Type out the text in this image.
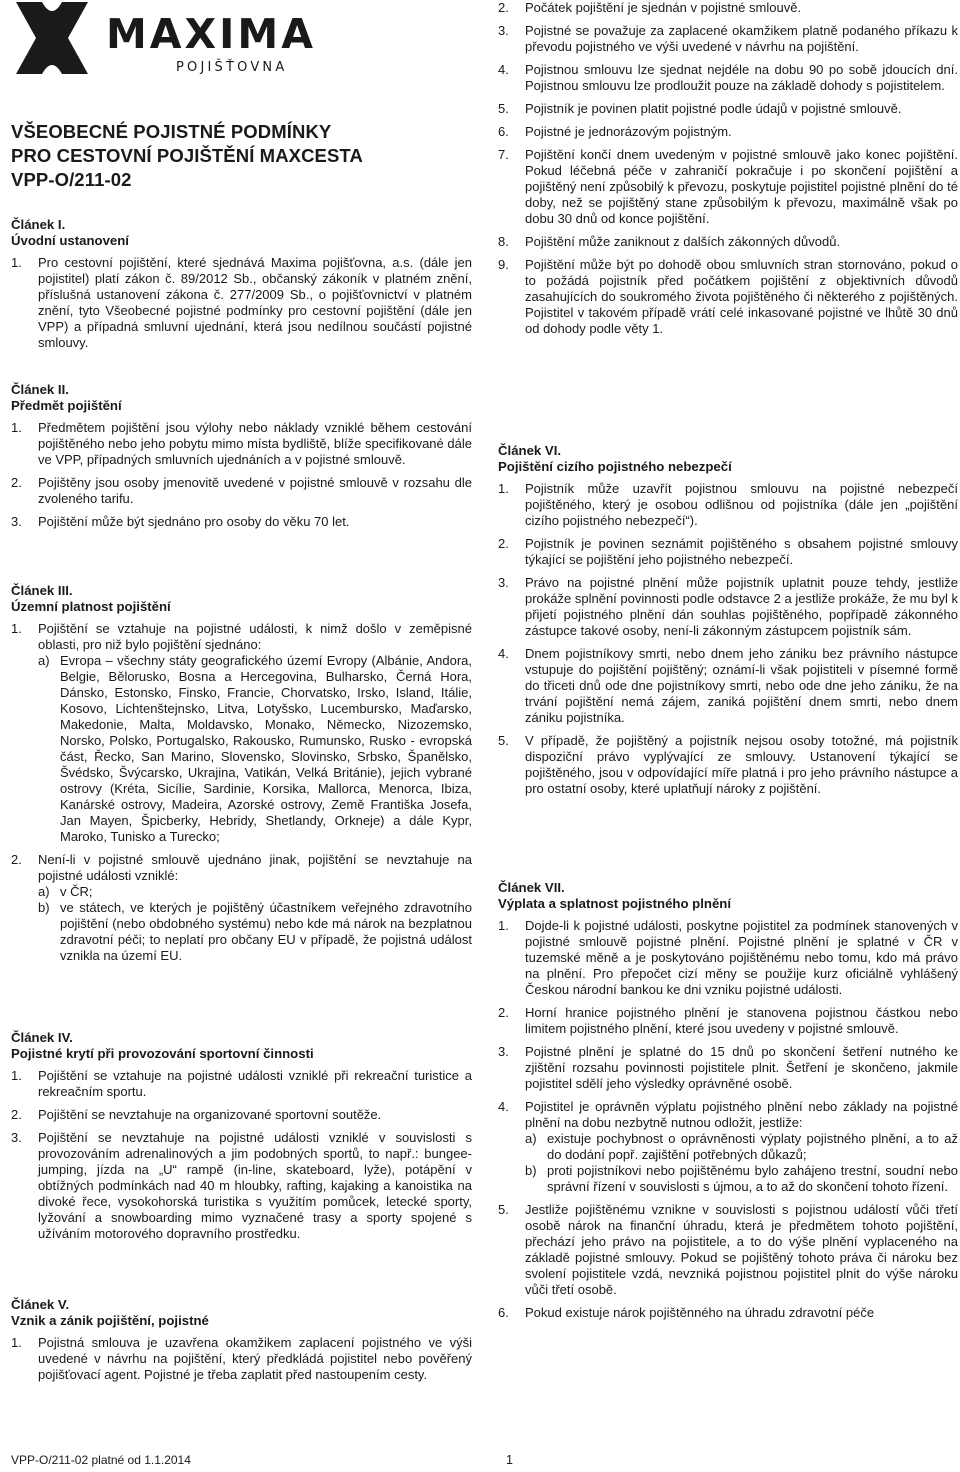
MAXIMA
POJIŠŤOVNA
VŠEOBECNÉ POJISTNÉ PODMÍNKY
PRO CESTOVNÍ POJIŠTĚNÍ MAXCESTA
VPP-O/211-02
Článek I.
Úvodní ustanovení
1. Pro cestovní pojištění, které sjednává Maxima pojišťovna, a.s. (dále jen pojistitel) platí zákon č. 89/2012 Sb., občanský zákoník v platném znění, příslušná ustanovení zákona č. 277/2009 Sb., o pojišťovnictví v platném znění, tyto Všeobecné pojistné podmínky pro cestovní pojištění (dále jen VPP) a případná smluvní ujednání, která jsou nedílnou součástí pojistné smlouvy.
Článek II.
Předmět pojištění
1. Předmětem pojištění jsou výlohy nebo náklady vzniklé během cestování pojištěného nebo jeho pobytu mimo místa bydliště, blíže specifikované dále ve VPP, případných smluvních ujednáních a v pojistné smlouvě.
2. Pojištěny jsou osoby jmenovitě uvedené v pojistné smlouvě v rozsahu dle zvoleného tarifu.
3. Pojištění může být sjednáno pro osoby do věku 70 let.
Článek III.
Územní platnost pojištění
1. Pojištění se vztahuje na pojistné události, k nimž došlo v zeměpisné oblasti, pro niž bylo pojištění sjednáno:
a) Evropa – všechny státy geografického území Evropy (Albánie, Andora, Belgie, Bělorusko, Bosna a Hercegovina, Bulharsko, Černá Hora, Dánsko, Estonsko, Finsko, Francie, Chorvatsko, Irsko, Island, Itálie, Kosovo, Lichtenštejnsko, Litva, Lotyšsko, Lucembursko, Maďarsko, Makedonie, Malta, Moldavsko, Monako, Německo, Nizozemsko, Norsko, Polsko, Portugalsko, Rakousko, Rumunsko, Rusko - evropská část, Řecko, San Marino, Slovensko, Slovinsko, Srbsko, Španělsko, Švédsko, Švýcarsko, Ukrajina, Vatikán, Velká Británie), jejich vybrané ostrovy (Kréta, Sicílie, Sardinie, Korsika, Mallorca, Menorca, Ibiza, Kanárské ostrovy, Madeira, Azorské ostrovy, Země Františka Josefa, Jan Mayen, Špicberky, Hebridy, Shetlandy, Orkneje) a dále Kypr, Maroko, Tunisko a Turecko;
2. Není-li v pojistné smlouvě ujednáno jinak, pojištění se nevztahuje na pojistné události vzniklé:
a) v ČR;
b) ve státech, ve kterých je pojištěný účastníkem veřejného zdravotního pojištění (nebo obdobného systému) nebo kde má nárok na bezplatnou zdravotní péči; to neplatí pro občany EU v případě, že pojistná událost vznikla na území EU.
Článek IV.
Pojistné krytí při provozování sportovní činnosti
1. Pojištění se vztahuje na pojistné události vzniklé při rekreační turistice a rekreačním sportu.
2. Pojištění se nevztahuje na organizované sportovní soutěže.
3. Pojištění se nevztahuje na pojistné události vzniklé v souvislosti s provozováním adrenalinových a jim podobných sportů, to např.: bungee-jumping, jízda na „U“ rampě (in-line, skateboard, lyže), potápění v obtížných podmínkách nad 40 m hloubky, rafting, kajaking a kanoistika na divoké řece, vysokohorská turistika s využitím pomůcek, letecké sporty, lyžování a snowboarding mimo vyznačené trasy a sporty spojené s užíváním motorového dopravního prostředku.
Článek V.
Vznik a zánik pojištění, pojistné
1. Pojistná smlouva je uzavřena okamžikem zaplacení pojistného ve výši uvedené v návrhu na pojištění, který předkládá pojistitel nebo pověřený pojišťovací agent. Pojistné je třeba zaplatit před nastoupením cesty.
2. Počátek pojištění je sjednán v pojistné smlouvě.
3. Pojistné se považuje za zaplacené okamžikem platně podaného příkazu k převodu pojistného ve výši uvedené v návrhu na pojištění.
4. Pojistnou smlouvu lze sjednat nejdéle na dobu 90 po sobě jdoucích dní. Pojistnou smlouvu lze prodloužit pouze na základě dohody s pojistitelem.
5. Pojistník je povinen platit pojistné podle údajů v pojistné smlouvě.
6. Pojistné je jednorázovým pojistným.
7. Pojištění končí dnem uvedeným v pojistné smlouvě jako konec pojištění. Pokud léčebná péče v zahraničí pokračuje i po skončení pojištění a pojištěný není způsobilý k převozu, poskytuje pojistitel pojistné plnění do té doby, než se pojištěný stane způsobilým k převozu, maximálně však po dobu 30 dnů od konce pojištění.
8. Pojištění může zaniknout z dalších zákonných důvodů.
9. Pojištění může být po dohodě obou smluvních stran stornováno, pokud o to požádá pojistník před počátkem pojištění z objektivních důvodů zasahujících do soukromého života pojištěného či některého z pojištěných. Pojistitel v takovém případě vrátí celé inkasované pojistné ve lhůtě 30 dnů od dohody podle věty 1.
Článek VI.
Pojištění cizího pojistného nebezpečí
1. Pojistník může uzavřít pojistnou smlouvu na pojistné nebezpečí pojištěného, který je osobou odlišnou od pojistníka (dále jen „pojištění cizího pojistného nebezpečí“).
2. Pojistník je povinen seznámit pojištěného s obsahem pojistné smlouvy týkající se pojištění jeho pojistného nebezpečí.
3. Právo na pojistné plnění může pojistník uplatnit pouze tehdy, jestliže prokáže splnění povinnosti podle odstavce 2 a jestliže prokáže, že mu byl k přijetí pojistného plnění dán souhlas pojištěného, popřípadě zákonného zástupce takové osoby, není-li zákonným zástupcem pojistník sám.
4. Dnem pojistníkovy smrti, nebo dnem jeho zániku bez právního nástupce vstupuje do pojištění pojištěný; oznámí-li však pojistiteli v písemné formě do třiceti dnů ode dne pojistníkovy smrti, nebo ode dne jeho zániku, že na trvání pojištění nemá zájem, zaniká pojištění dnem smrti, nebo dnem zániku pojistníka.
5. V případě, že pojištěný a pojistník nejsou osoby totožné, má pojistník dispoziční právo vyplývající ze smlouvy. Ustanovení týkající se pojištěného, jsou v odpovídající míře platná i pro jeho právního nástupce a pro ostatní osoby, které uplatňují nároky z pojištění.
Článek VII.
Výplata a splatnost pojistného plnění
1. Dojde-li k pojistné události, poskytne pojistitel za podmínek stanovených v pojistné smlouvě pojistné plnění. Pojistné plnění je splatné v ČR v tuzemské měně a je poskytováno pojištěnému nebo tomu, kdo má právo na plnění. Pro přepočet cizí měny se použije kurz oficiálně vyhlášený Českou národní bankou ke dni vzniku pojistné události.
2. Horní hranice pojistného plnění je stanovena pojistnou částkou nebo limitem pojistného plnění, které jsou uvedeny v pojistné smlouvě.
3. Pojistné plnění je splatné do 15 dnů po skončení šetření nutného ke zjištění rozsahu povinnosti pojistitele plnit. Šetření je skončeno, jakmile pojistitel sdělí jeho výsledky oprávněné osobě.
4. Pojistitel je oprávněn výplatu pojistného plnění nebo základy na pojistné plnění na dobu nezbytně nutnou odložit, jestliže:
a) existuje pochybnost o oprávněnosti výplaty pojistného plnění, a to až do dodání popř. zajištění potřebných důkazů;
b) proti pojistníkovi nebo pojištěnému bylo zahájeno trestní, soudní nebo správní řízení v souvislosti s újmou, a to až do skončení tohoto řízení.
5. Jestliže pojištěnému vznikne v souvislosti s pojistnou událostí vůči třetí osobě nárok na finanční úhradu, která je předmětem tohoto pojištění, přechází jeho právo na pojistitele, a to do výše plnění vyplaceného na základě pojistné smlouvy. Pokud se pojištěný tohoto práva či nároku bez svolení pojistitele vzdá, nevzniká pojistnou pojistitel plnit do výše nároku vůči třetí osobě.
6. Pokud existuje nárok pojištěnného na úhradu zdravotní péče
VPP-O/211-02 platné od 1.1.2014	1
